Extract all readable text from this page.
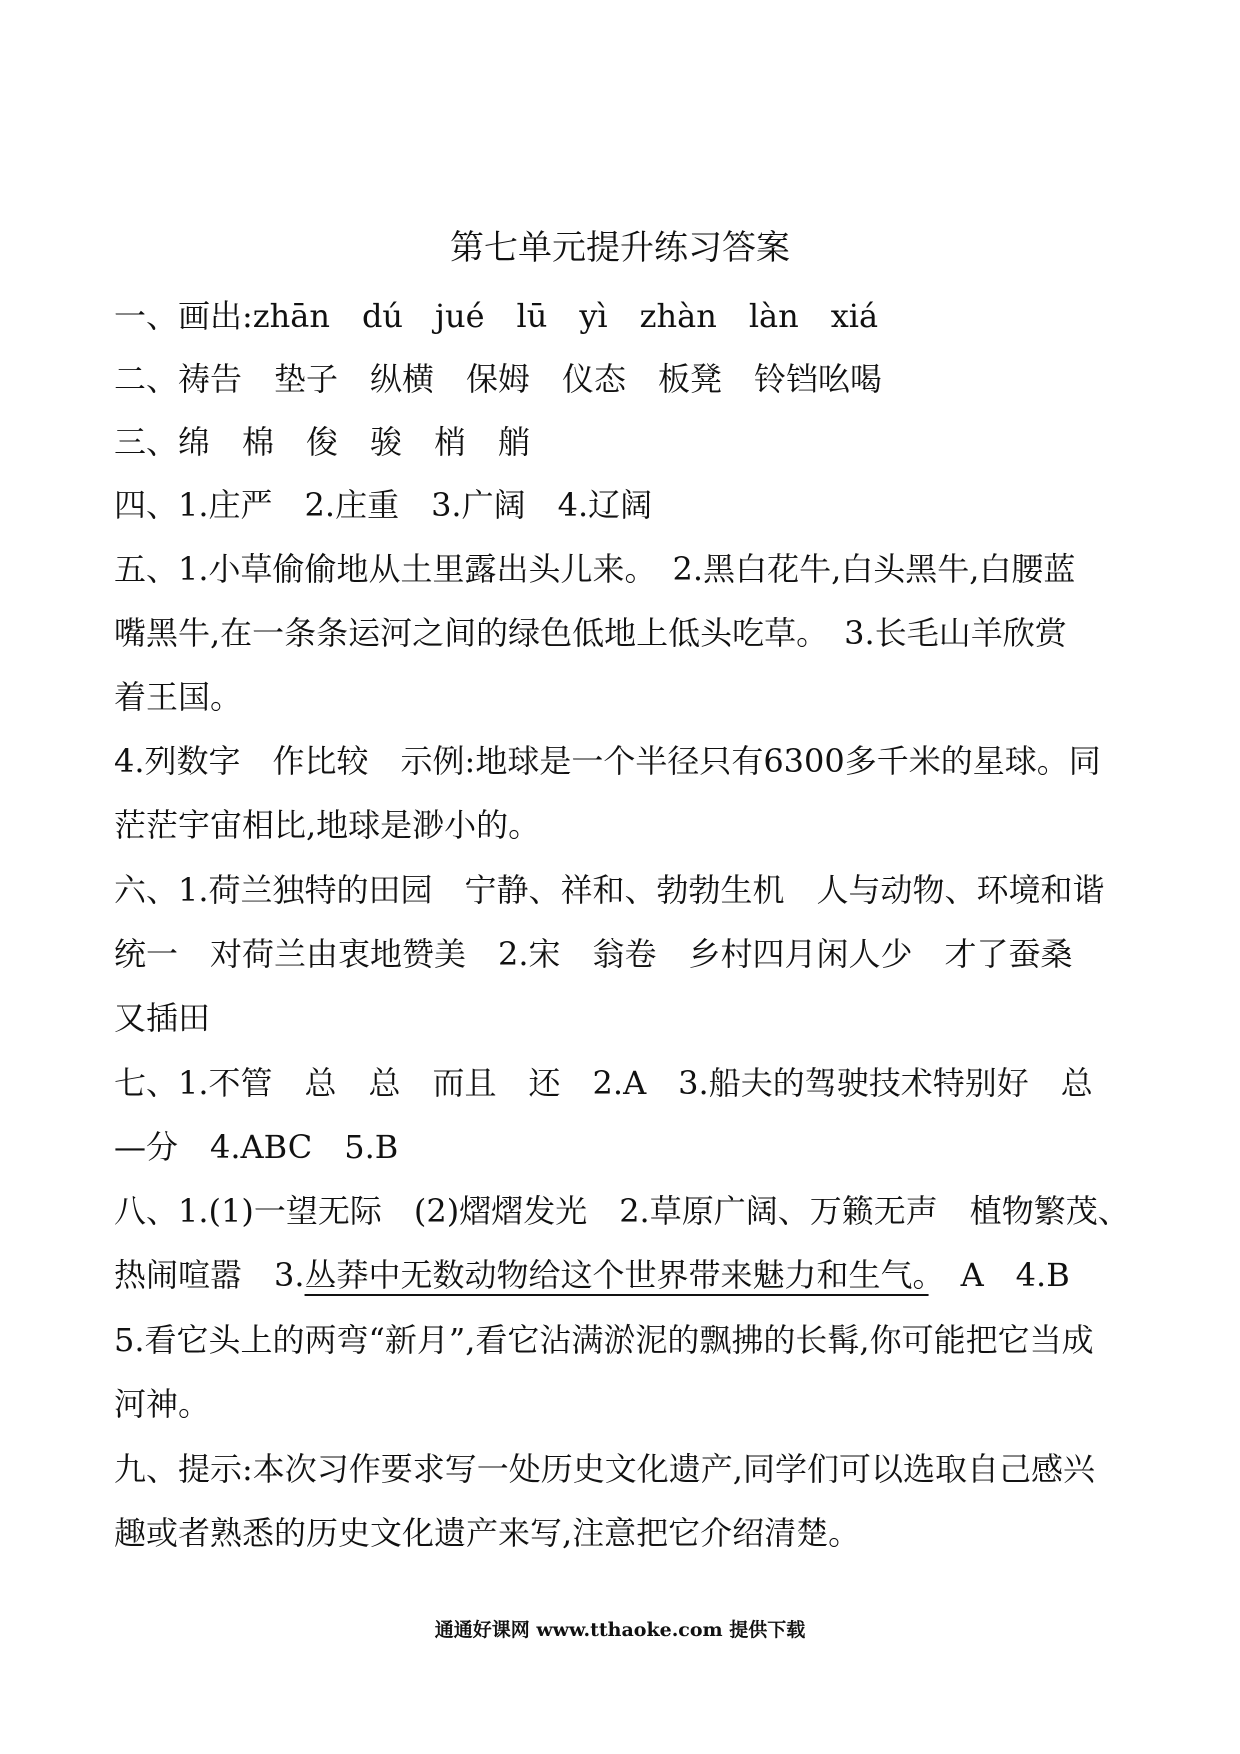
第七单元提升练习答案
一、画出:zhān　dú　jué　lū　yì　zhàn　làn　xiá
二、祷告　垫子　纵横　保姆　仪态　板凳　铃铛吆喝
三、绵　棉　俊　骏　梢　艄
四、1.庄严　2.庄重　3.广阔　4.辽阔
五、1.小草偷偷地从土里露出头儿来。　2.黑白花牛,白头黑牛,白腰蓝
嘴黑牛,在一条条运河之间的绿色低地上低头吃草。　3.长毛山羊欣赏
着王国。
4.列数字　作比较　示例:地球是一个半径只有6300多千米的星球。同
茫茫宇宙相比,地球是渺小的。
六、1.荷兰独特的田园　宁静、祥和、勃勃生机　人与动物、环境和谐
统一　对荷兰由衷地赞美　2.宋　翁卷　乡村四月闲人少　才了蚕桑
又插田
七、1.不管　总　总　而且　还　2.A　3.船夫的驾驶技术特别好　总
—分　4.ABC　5.B
八、1.(1)一望无际　(2)熠熠发光　2.草原广阔、万籁无声　植物繁茂、
热闹喧嚣　3.丛莽中无数动物给这个世界带来魅力和生气。　A　4.B
5.看它头上的两弯“新月”,看它沾满淤泥的飘拂的长髯,你可能把它当成
河神。
九、提示:本次习作要求写一处历史文化遗产,同学们可以选取自己感兴
趣或者熟悉的历史文化遗产来写,注意把它介绍清楚。
通通好课网 www.tthaoke.com 提供下载
